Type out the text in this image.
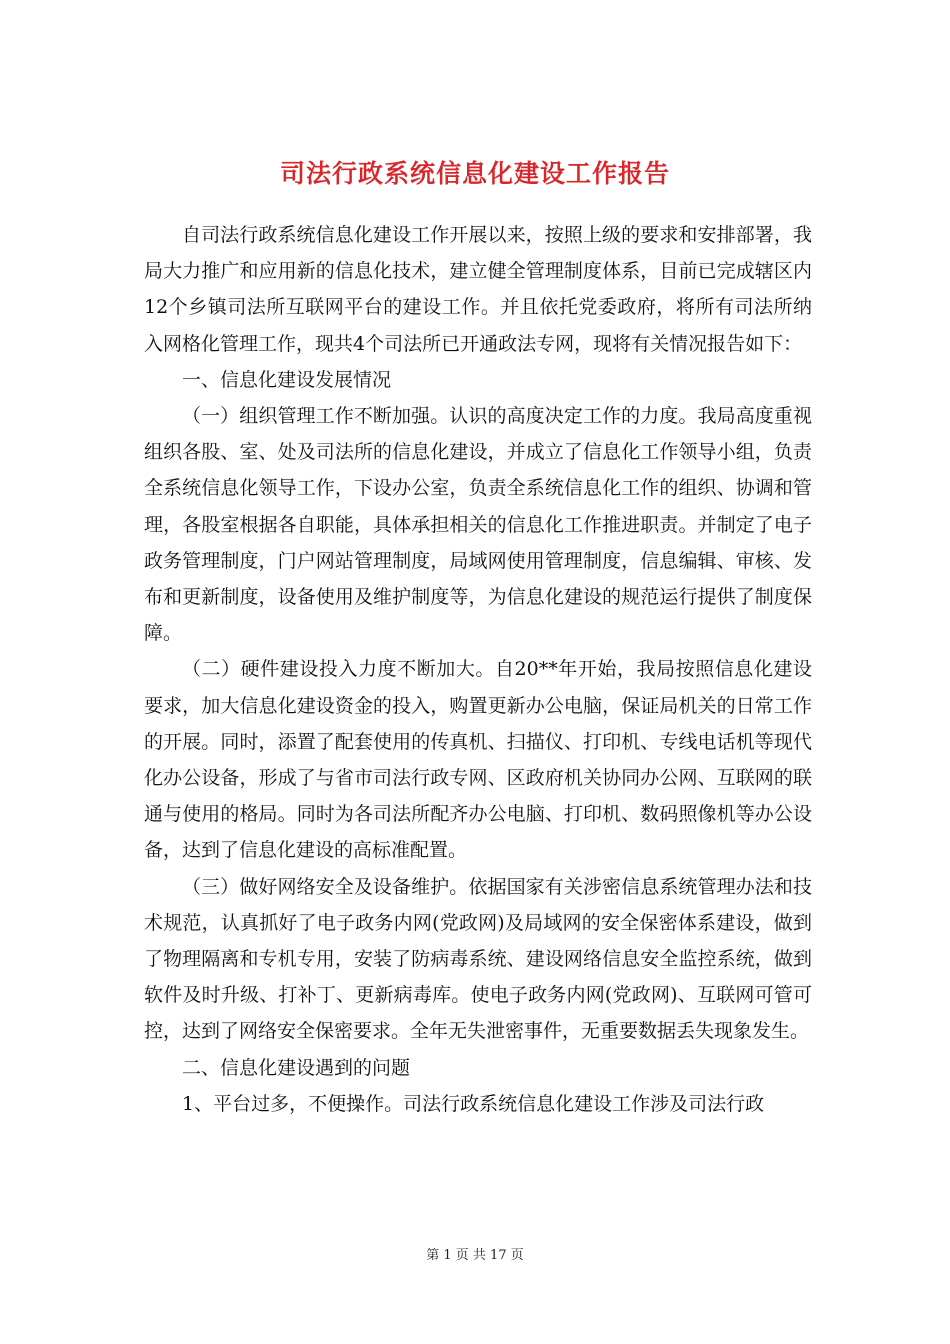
司法行政系统信息化建设工作报告

自司法行政系统信息化建设工作开展以来，按照上级的要求和安排部署，我局大力推广和应用新的信息化技术，建立健全管理制度体系，目前已完成辖区内12个乡镇司法所互联网平台的建设工作。并且依托党委政府，将所有司法所纳入网格化管理工作，现共4个司法所已开通政法专网，现将有关情况报告如下：

一、信息化建设发展情况

（一）组织管理工作不断加强。认识的高度决定工作的力度。我局高度重视组织各股、室、处及司法所的信息化建设，并成立了信息化工作领导小组，负责全系统信息化领导工作，下设办公室，负责全系统信息化工作的组织、协调和管理，各股室根据各自职能，具体承担相关的信息化工作推进职责。并制定了电子政务管理制度，门户网站管理制度，局域网使用管理制度，信息编辑、审核、发布和更新制度，设备使用及维护制度等，为信息化建设的规范运行提供了制度保障。

（二）硬件建设投入力度不断加大。自20**年开始，我局按照信息化建设要求，加大信息化建设资金的投入，购置更新办公电脑，保证局机关的日常工作的开展。同时，添置了配套使用的传真机、扫描仪、打印机、专线电话机等现代化办公设备，形成了与省市司法行政专网、区政府机关协同办公网、互联网的联通与使用的格局。同时为各司法所配齐办公电脑、打印机、数码照像机等办公设备，达到了信息化建设的高标准配置。

（三）做好网络安全及设备维护。依据国家有关涉密信息系统管理办法和技术规范，认真抓好了电子政务内网(党政网)及局域网的安全保密体系建设，做到了物理隔离和专机专用，安装了防病毒系统、建设网络信息安全监控系统，做到软件及时升级、打补丁、更新病毒库。使电子政务内网(党政网)、互联网可管可控，达到了网络安全保密要求。全年无失泄密事件，无重要数据丢失现象发生。

二、信息化建设遇到的问题

1、平台过多，不便操作。司法行政系统信息化建设工作涉及司法行政

第 1 页 共 17 页
